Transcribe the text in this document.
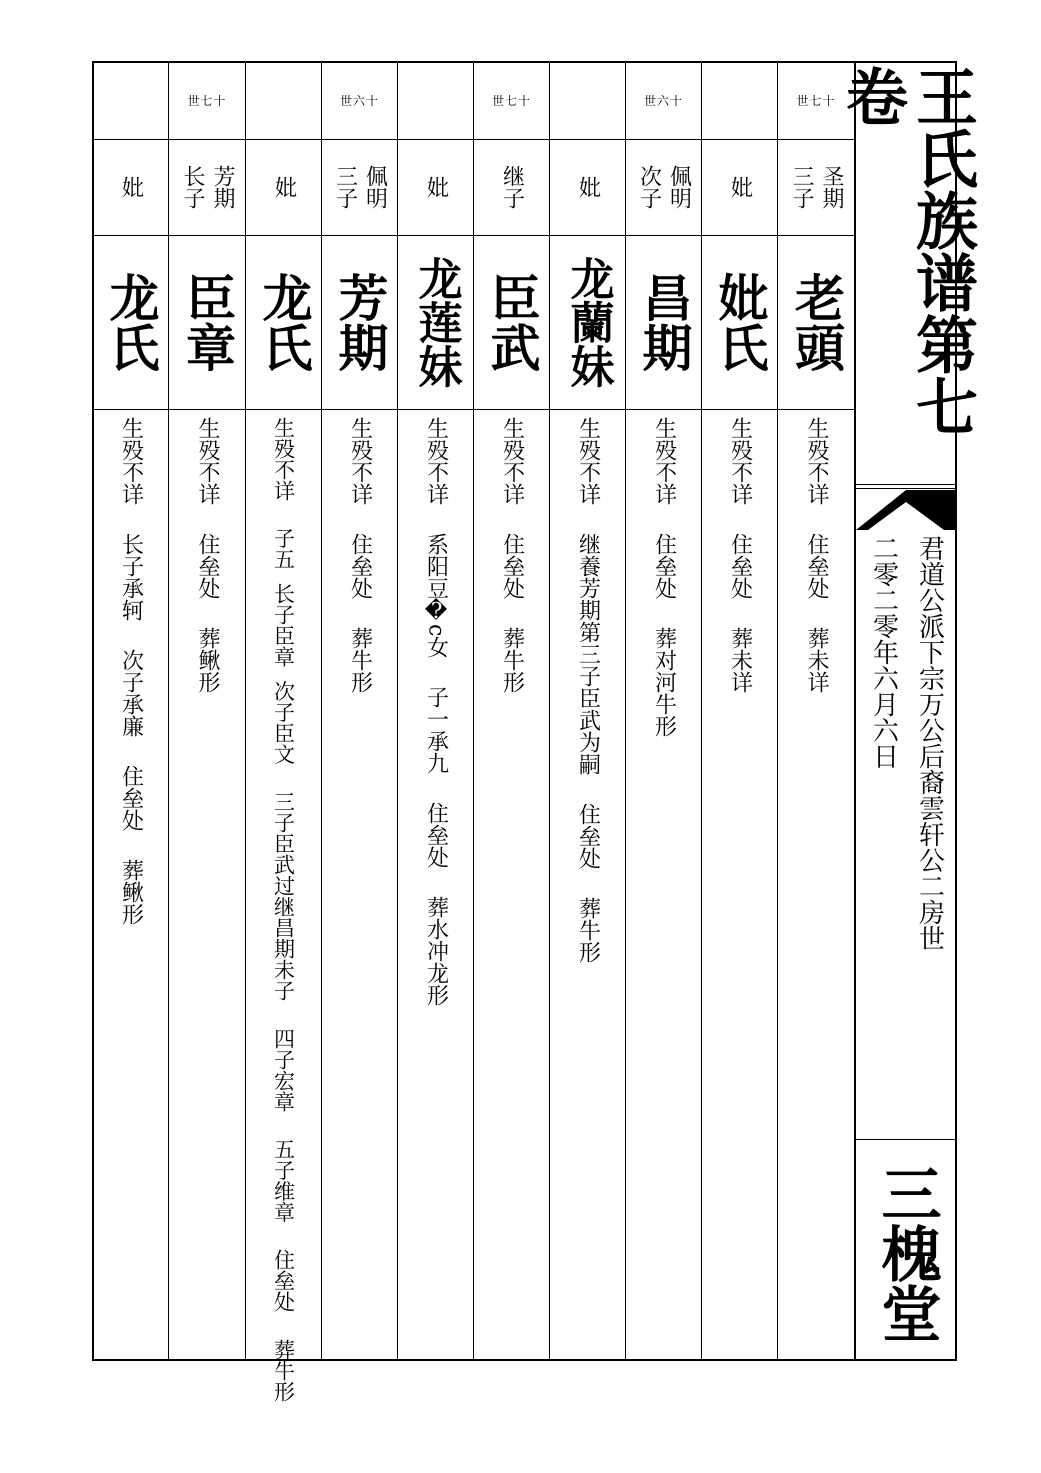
王氏族谱第七卷
君道公派下宗万公后裔雲轩公二房世
二零二零年六月六日
三槐堂
世七十
圣期
三子
老頭
生殁不详    住垒处    葬未详
妣
妣氏
生殁不详    住垒处    葬未详
世六十
佩明
次子
昌期
生殁不详    住垒处    葬对河牛形
妣
龙蘭妹
生殁不详    继養芳期第三子臣武为嗣    住垒处    葬牛形
世七十
继子
臣武
生殁不详    住垒处    葬牛形
妣
龙莲妹
生殁不详    系阳豆�c女    子一承九    住垒处    葬水冲龙形
世六十
佩明
三子
芳期
生殁不详    住垒处    葬牛形
妣
龙氏
生殁不详    子五  长子臣章  次子臣文    三子臣武过继昌期未子    四子宏章    五子维章    住垒处    葬牛形
世七十
芳期
长子
臣章
生殁不详    住垒处    葬鳅形
妣
龙氏
生殁不详    长子承轲    次子承廉    住垒处    葬鳅形
